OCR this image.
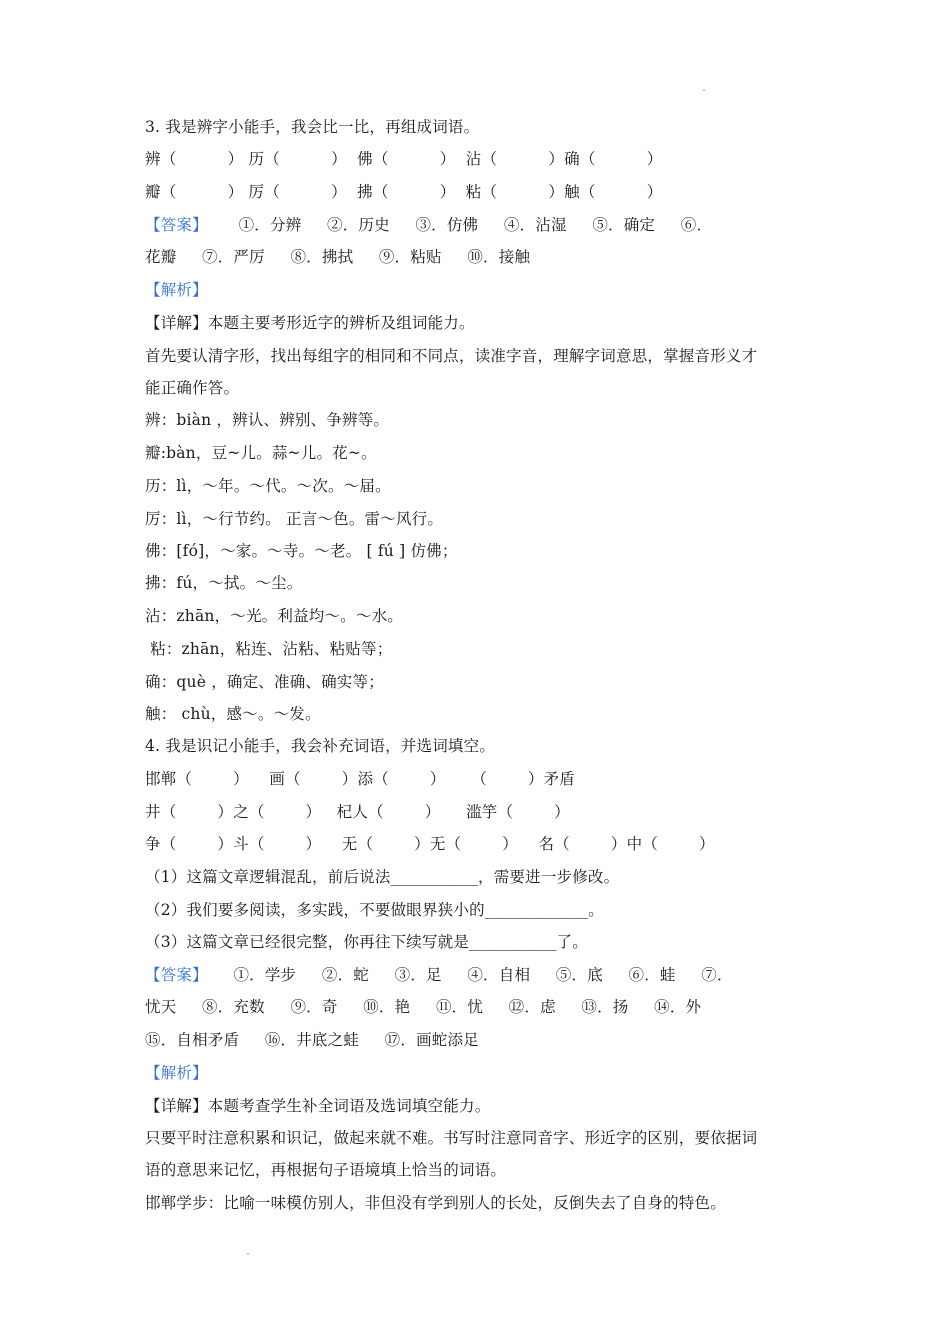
3. 我是辨字小能手，我会比一比，再组成词语。
辨（          ） 历（          ）  佛（          ）  沾（          ）确（          ）
瓣（          ） 厉（          ）  拂（          ）  粘（          ）触（          ）
【答案】      ①．分辨     ②．历史     ③．仿佛     ④．沾湿     ⑤．确定     ⑥．
花瓣     ⑦．严厉     ⑧．拂拭     ⑨．粘贴     ⑩．接触
【解析】
【详解】本题主要考形近字的辨析及组词能力。
首先要认清字形，找出每组字的相同和不同点，读准字音，理解字词意思，掌握音形义才
能正确作答。
辨：biàn ，辨认、辨别、争辨等。
瓣:bàn，豆~儿。蒜~儿。花~。
历：lì，～年。～代。～次。～届。
厉：lì，～行节约。 正言～色。雷～风行。
佛：[fó]，～家。～寺。～老。 [ fú ] 仿佛；
拂：fú，～拭。～尘。
沾：zhān，～光。利益均～。～水。
粘：zhān，粘连、沾粘、粘贴等；
确：què ，确定、准确、确实等；
触： chù，感～。～发。
4. 我是识记小能手，我会补充词语，并选词填空。
邯郸（        ）    画（        ）添（        ）     （        ）矛盾
井（        ）之（        ）   杞人（        ）     滥竽（        ）
争（        ）斗（        ）    无（        ）无（        ）    名（        ）中（        ）
（1）这篇文章逻辑混乱，前后说法___________，需要进一步修改。
（2）我们要多阅读，多实践，不要做眼界狭小的_____________。
（3）这篇文章已经很完整，你再往下续写就是___________了。
【答案】     ①．学步     ②．蛇     ③．足     ④．自相     ⑤．底     ⑥．蛙     ⑦．
忧天     ⑧．充数     ⑨．奇     ⑩．艳     ⑪．忧     ⑫．虑     ⑬．扬     ⑭．外
⑮．自相矛盾     ⑯．井底之蛙     ⑰．画蛇添足
【解析】
【详解】本题考查学生补全词语及选词填空能力。
只要平时注意积累和识记，做起来就不难。书写时注意同音字、形近字的区别，要依据词
语的意思来记忆，再根据句子语境填上恰当的词语。
邯郸学步：比喻一味模仿别人，非但没有学到别人的长处，反倒失去了自身的特色。
